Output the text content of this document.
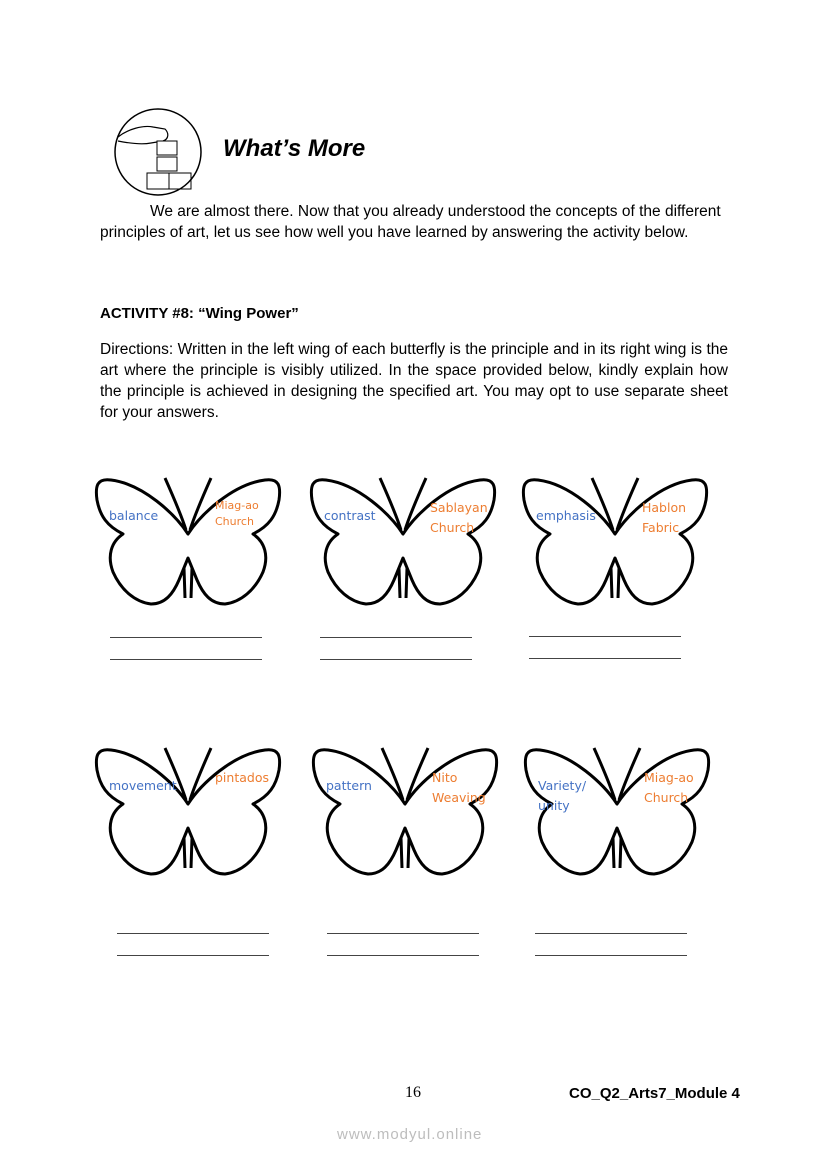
What’s More
We are almost there. Now that you already understood the concepts of the different principles of art, let us see how well you have learned by answering the activity below.
ACTIVITY #8: “Wing Power”
Directions: Written in the left wing of each butterfly is the principle and in its right wing is the art where the principle is visibly utilized. In the space provided below, kindly explain how the principle is achieved in designing the specified art. You may opt to use separate sheet for your answers.
balance
Miag-ao Church	contrast
Sablayan Church
emphasis
Hablon Fabric
movement
pintados
pattern
Nito Weaving
Variety/ unity
Miag-ao Church
16	CO_Q2_Arts7_Module 4
www.modyul.online
